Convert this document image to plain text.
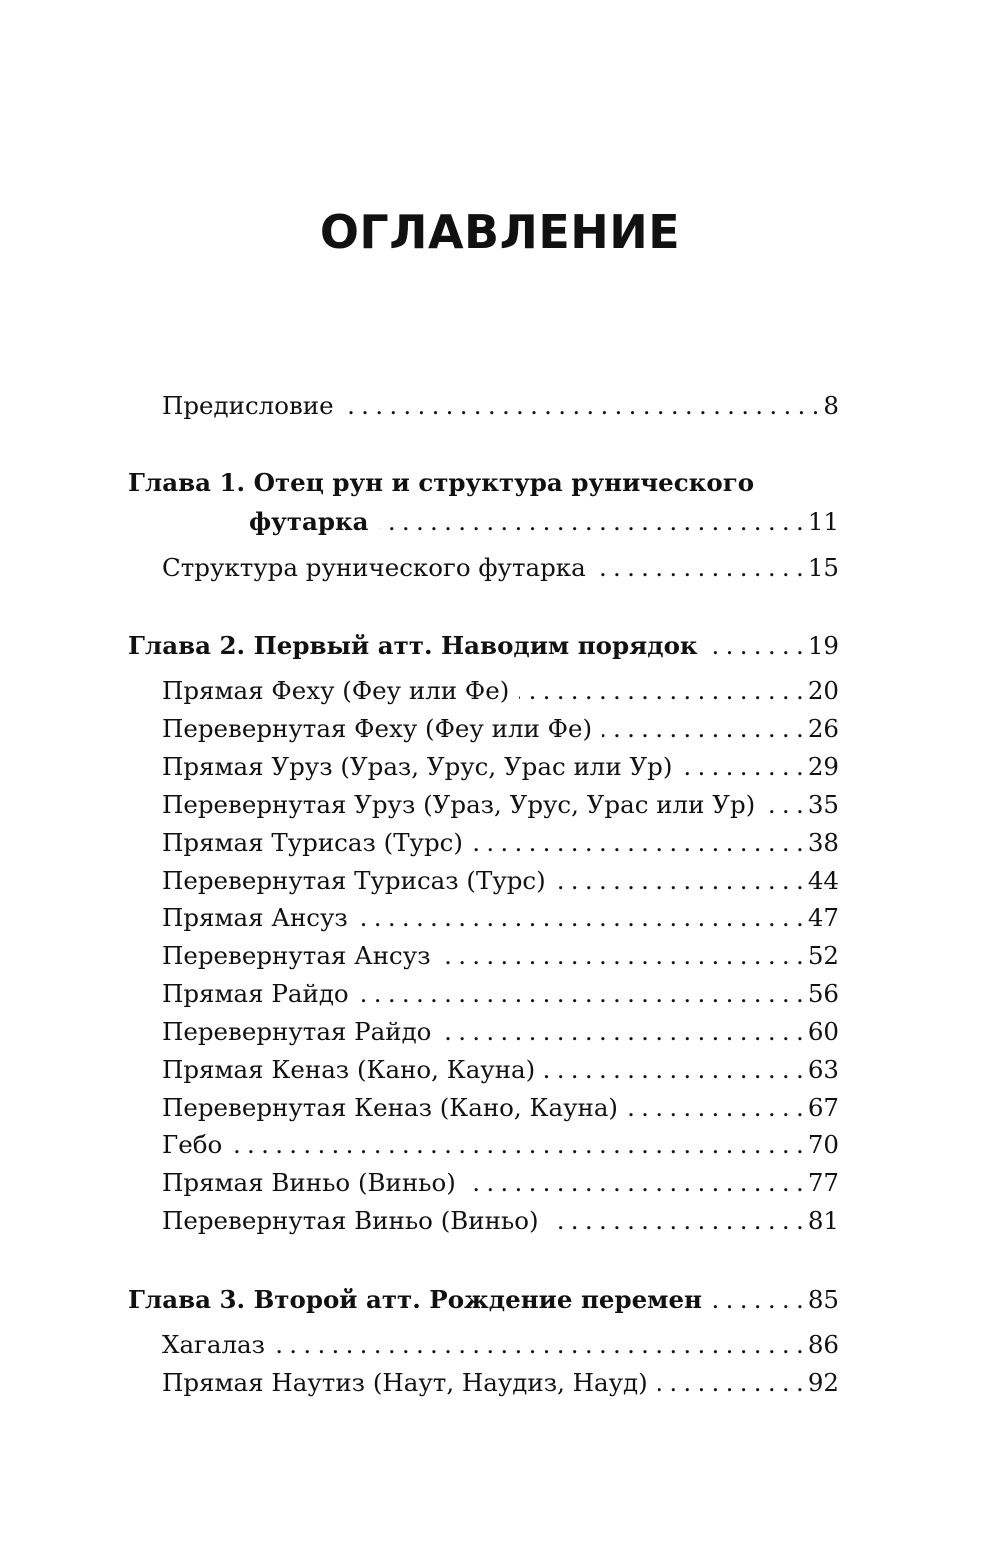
ОГЛАВЛЕНИЕ
Предисловие . . .	8
Глава 1. Отец рун и структура рунического
футарка . . .	11
Структура рунического футарка . . .	15
Глава 2. Первый атт. Наводим порядок . . .	19
Прямая Феху (Феу или Фе) . . .	20
Перевернутая Феху (Феу или Фе) . . .	26
Прямая Уруз (Ураз, Урус, Урас или Ур) . . .	29
Перевернутая Уруз (Ураз, Урус, Урас или Ур) . . .	35
Прямая Турисаз (Турс) . . .	38
Перевернутая Турисаз (Турс) . . .	44
Прямая Ансуз . . .	47
Перевернутая Ансуз . . .	52
Прямая Райдо . . .	56
Перевернутая Райдо . . .	60
Прямая Кеназ (Кано, Кауна) . . .	63
Перевернутая Кеназ (Кано, Кауна) . . .	67
Гебо . . .	70
Прямая Виньо (Виньо) . . .	77
Перевернутая Виньо (Виньо) . . .	81
Глава 3. Второй атт. Рождение перемен . . .	85
Хагалаз . . .	86
Прямая Наутиз (Наут, Наудиз, Науд) . . .	92
